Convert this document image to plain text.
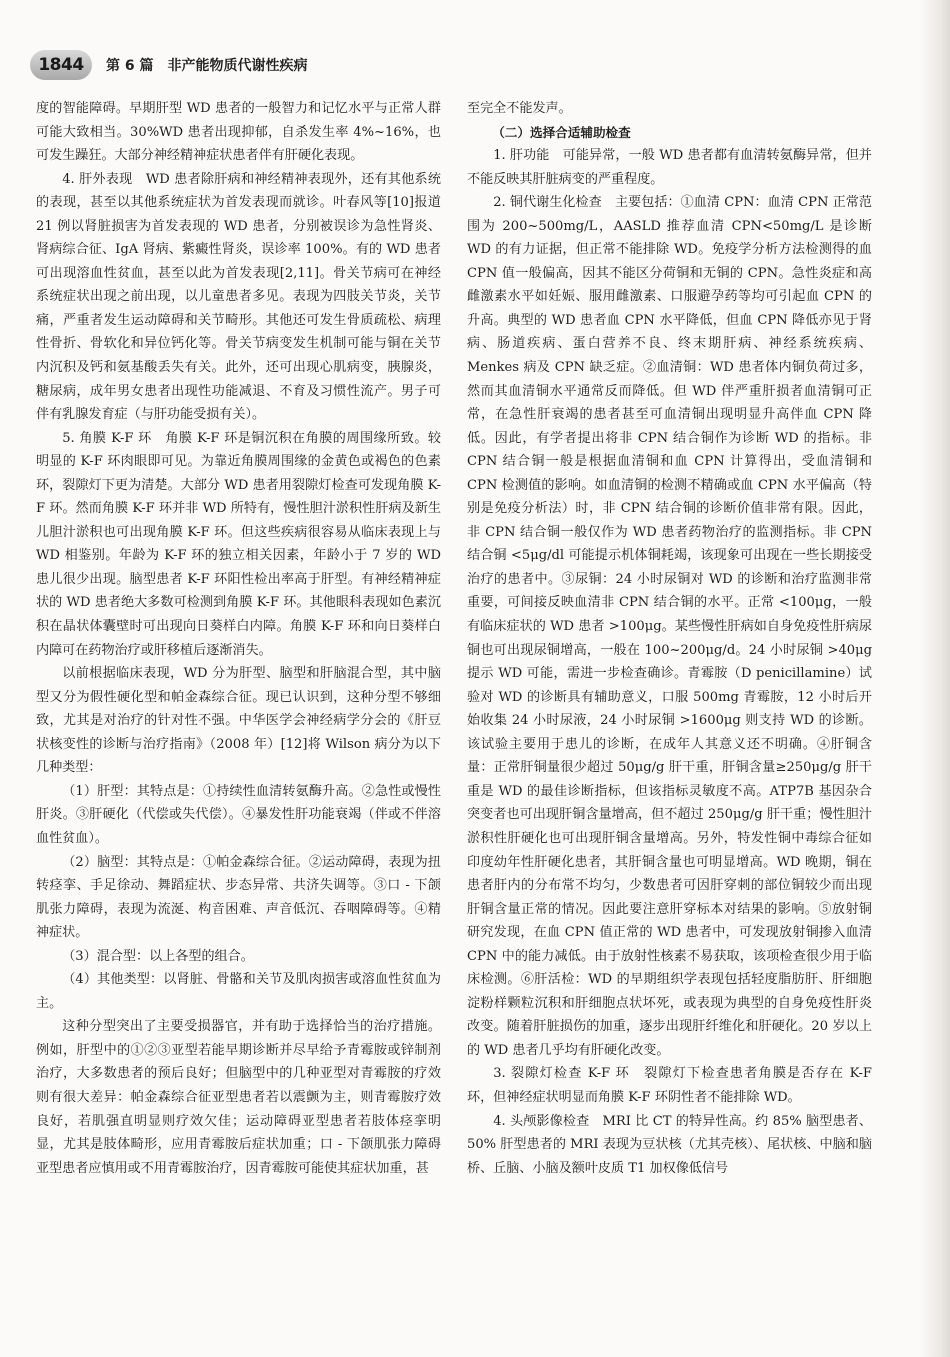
1844	第 6 篇　非产能物质代谢性疾病

度的智能障碍。早期肝型 WD 患者的一般智力和记忆水平与正常人群可能大致相当。30%WD 患者出现抑郁，自杀发生率 4%~16%，也可发生躁狂。大部分神经精神症状患者伴有肝硬化表现。

4. 肝外表现　WD 患者除肝病和神经精神表现外，还有其他系统的表现，甚至以其他系统症状为首发表现而就诊。叶春风等[10]报道 21 例以肾脏损害为首发表现的 WD 患者，分别被误诊为急性肾炎、肾病综合征、IgA 肾病、紫癜性肾炎，误诊率 100%。有的 WD 患者可出现溶血性贫血，甚至以此为首发表现[2,11]。骨关节病可在神经系统症状出现之前出现，以儿童患者多见。表现为四肢关节炎，关节痛，严重者发生运动障碍和关节畸形。其他还可发生骨质疏松、病理性骨折、骨软化和异位钙化等。骨关节病变发生机制可能与铜在关节内沉积及钙和氨基酸丢失有关。此外，还可出现心肌病变，胰腺炎，糖尿病，成年男女患者出现性功能减退、不育及习惯性流产。男子可伴有乳腺发育症（与肝功能受损有关）。

5. 角膜 K-F 环　角膜 K-F 环是铜沉积在角膜的周围缘所致。较明显的 K-F 环肉眼即可见。为靠近角膜周围缘的金黄色或褐色的色素环，裂隙灯下更为清楚。大部分 WD 患者用裂隙灯检查可发现角膜 K-F 环。然而角膜 K-F 环并非 WD 所特有，慢性胆汁淤积性肝病及新生儿胆汁淤积也可出现角膜 K-F 环。但这些疾病很容易从临床表现上与 WD 相鉴别。年龄为 K-F 环的独立相关因素，年龄小于 7 岁的 WD 患儿很少出现。脑型患者 K-F 环阳性检出率高于肝型。有神经精神症状的 WD 患者绝大多数可检测到角膜 K-F 环。其他眼科表现如色素沉积在晶状体囊壁时可出现向日葵样白内障。角膜 K-F 环和向日葵样白内障可在药物治疗或肝移植后逐渐消失。

以前根据临床表现，WD 分为肝型、脑型和肝脑混合型，其中脑型又分为假性硬化型和帕金森综合征。现已认识到，这种分型不够细致，尤其是对治疗的针对性不强。中华医学会神经病学分会的《肝豆状核变性的诊断与治疗指南》（2008 年）[12]将 Wilson 病分为以下几种类型：

（1）肝型：其特点是：①持续性血清转氨酶升高。②急性或慢性肝炎。③肝硬化（代偿或失代偿）。④暴发性肝功能衰竭（伴或不伴溶血性贫血）。

（2）脑型：其特点是：①帕金森综合征。②运动障碍，表现为扭转痉挛、手足徐动、舞蹈症状、步态异常、共济失调等。③口 - 下颌肌张力障碍，表现为流涎、构音困难、声音低沉、吞咽障碍等。④精神症状。

（3）混合型：以上各型的组合。

（4）其他类型：以肾脏、骨骼和关节及肌肉损害或溶血性贫血为主。

这种分型突出了主要受损器官，并有助于选择恰当的治疗措施。例如，肝型中的①②③亚型若能早期诊断并尽早给予青霉胺或锌制剂治疗，大多数患者的预后良好；但脑型中的几种亚型对青霉胺的疗效则有很大差异：帕金森综合征亚型患者若以震颤为主，则青霉胺疗效良好，若肌强直明显则疗效欠佳；运动障碍亚型患者若肢体痉挛明显，尤其是肢体畸形，应用青霉胺后症状加重；口 - 下颌肌张力障碍亚型患者应慎用或不用青霉胺治疗，因青霉胺可能使其症状加重，甚

至完全不能发声。

（二）选择合适辅助检查

1. 肝功能　可能异常，一般 WD 患者都有血清转氨酶异常，但并不能反映其肝脏病变的严重程度。

2. 铜代谢生化检查　主要包括：①血清 CPN：血清 CPN 正常范围为 200~500mg/L，AASLD 推荐血清 CPN<50mg/L 是诊断 WD 的有力证据，但正常不能排除 WD。免疫学分析方法检测得的血 CPN 值一般偏高，因其不能区分荷铜和无铜的 CPN。急性炎症和高雌激素水平如妊娠、服用雌激素、口服避孕药等均可引起血 CPN 的升高。典型的 WD 患者血 CPN 水平降低，但血 CPN 降低亦见于肾病、肠道疾病、蛋白营养不良、终末期肝病、神经系统疾病、Menkes 病及 CPN 缺乏症。②血清铜：WD 患者体内铜负荷过多，然而其血清铜水平通常反而降低。但 WD 伴严重肝损者血清铜可正常，在急性肝衰竭的患者甚至可血清铜出现明显升高伴血 CPN 降低。因此，有学者提出将非 CPN 结合铜作为诊断 WD 的指标。非 CPN 结合铜一般是根据血清铜和血 CPN 计算得出，受血清铜和 CPN 检测值的影响。如血清铜的检测不精确或血 CPN 水平偏高（特别是免疫分析法）时，非 CPN 结合铜的诊断价值非常有限。因此，非 CPN 结合铜一般仅作为 WD 患者药物治疗的监测指标。非 CPN 结合铜 <5μg/dl 可能提示机体铜耗竭，该现象可出现在一些长期接受治疗的患者中。③尿铜：24 小时尿铜对 WD 的诊断和治疗监测非常重要，可间接反映血清非 CPN 结合铜的水平。正常 <100μg，一般有临床症状的 WD 患者 >100μg。某些慢性肝病如自身免疫性肝病尿铜也可出现尿铜增高，一般在 100~200μg/d。24 小时尿铜 >40μg 提示 WD 可能，需进一步检查确诊。青霉胺（D penicillamine）试验对 WD 的诊断具有辅助意义，口服 500mg 青霉胺，12 小时后开始收集 24 小时尿液，24 小时尿铜 >1600μg 则支持 WD 的诊断。该试验主要用于患儿的诊断，在成年人其意义还不明确。④肝铜含量：正常肝铜量很少超过 50μg/g 肝干重，肝铜含量≥250μg/g 肝干重是 WD 的最佳诊断指标，但该指标灵敏度不高。ATP7B 基因杂合突变者也可出现肝铜含量增高，但不超过 250μg/g 肝干重；慢性胆汁淤积性肝硬化也可出现肝铜含量增高。另外，特发性铜中毒综合征如印度幼年性肝硬化患者，其肝铜含量也可明显增高。WD 晚期，铜在患者肝内的分布常不均匀，少数患者可因肝穿刺的部位铜较少而出现肝铜含量正常的情况。因此要注意肝穿标本对结果的影响。⑤放射铜研究发现，在血 CPN 值正常的 WD 患者中，可发现放射铜掺入血清 CPN 中的能力减低。由于放射性核素不易获取，该项检查很少用于临床检测。⑥肝活检：WD 的早期组织学表现包括轻度脂肪肝、肝细胞淀粉样颗粒沉积和肝细胞点状坏死，或表现为典型的自身免疫性肝炎改变。随着肝脏损伤的加重，逐步出现肝纤维化和肝硬化。20 岁以上的 WD 患者几乎均有肝硬化改变。

3. 裂隙灯检查 K-F 环　裂隙灯下检查患者角膜是否存在 K-F 环，但神经症状明显而角膜 K-F 环阴性者不能排除 WD。

4. 头颅影像检查　MRI 比 CT 的特异性高。约 85% 脑型患者、50% 肝型患者的 MRI 表现为豆状核（尤其壳核）、尾状核、中脑和脑桥、丘脑、小脑及额叶皮质 T1 加权像低信号
